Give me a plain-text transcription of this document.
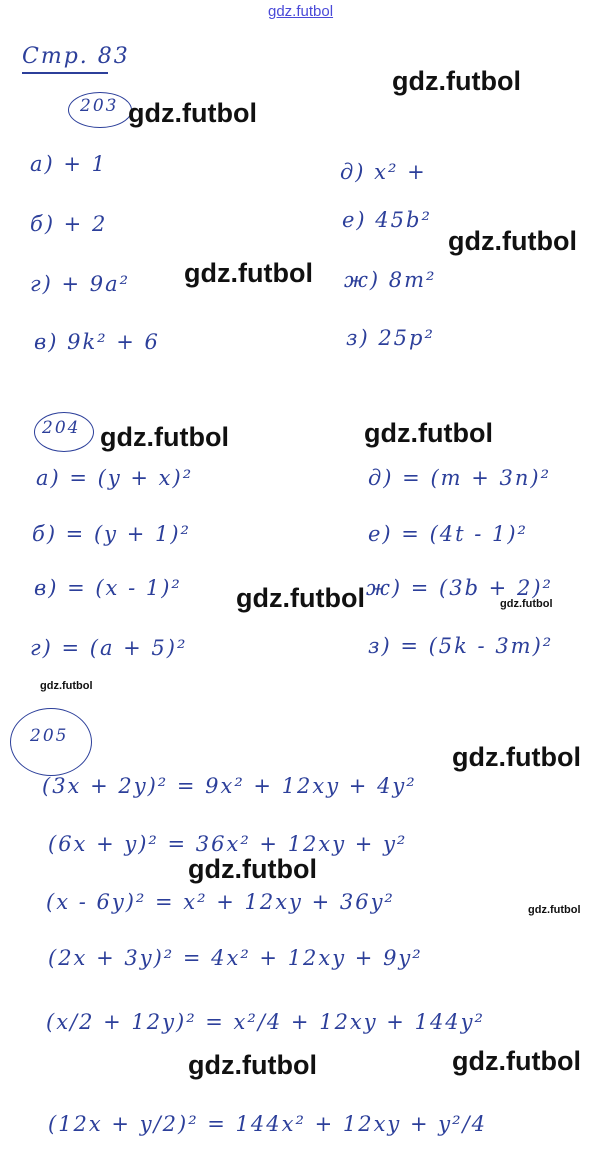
gdz.futbol
Стр. 83
203
а) + 1
б) + 2
г) + 9a²
в) 9k² + 6
д) x² +
е) 45b²
ж) 8m²
з) 25p²
204
а) = (y + x)²
б) = (y + 1)²
в) = (x - 1)²
г) = (a + 5)²
д) = (m + 3n)²
е) = (4t - 1)²
ж) = (3b + 2)²
з) = (5k - 3m)²
205
(3x + 2y)² = 9x² + 12xy + 4y²
(6x + y)² = 36x² + 12xy + y²
(x - 6y)² = x² + 12xy + 36y²
(2x + 3y)² = 4x² + 12xy + 9y²
(x/2 + 12y)² = x²/4 + 12xy + 144y²
(12x + y/2)² = 144x² + 12xy + y²/4
gdz.futbol
gdz.futbol
gdz.futbol
gdz.futbol
gdz.futbol
gdz.futbol
gdz.futbol	gdz.futbol
gdz.futbol
gdz.futbol
gdz.futbol
gdz.futbol
gdz.futbol	gdz.futbol
